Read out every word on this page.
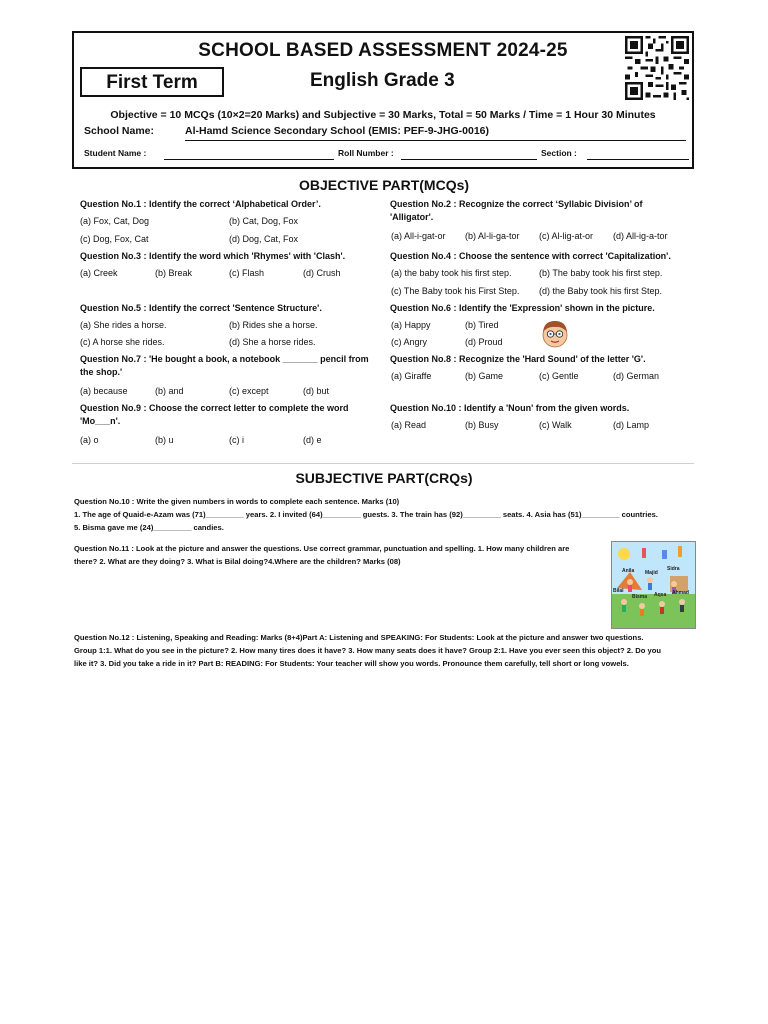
SCHOOL BASED ASSESSMENT 2024-25
First Term	English Grade 3
Objective = 10 MCQs (10×2=20 Marks) and Subjective = 30 Marks, Total = 50 Marks / Time = 1 Hour 30 Minutes
School Name:	Al-Hamd Science Secondary School (EMIS: PEF-9-JHG-0016)
Student Name :	Roll Number :	Section :
OBJECTIVE PART(MCQs)
Question No.1 : Identify the correct ‘Alphabetical Order’.
(a) Fox, Cat, Dog	(b) Cat, Dog, Fox
(c) Dog, Fox, Cat	(d) Dog, Cat, Fox
Question No.2 : Recognize the correct ‘Syllabic Division’ of 'Alligator'.
(a) All-i-gat-or (b) Al-li-ga-tor (c) Al-lig-at-or (d) All-ig-a-tor
Question No.3 : Identify the word which 'Rhymes' with 'Clash'.
(a) Creek	(b) Break	(c) Flash	(d) Crush
Question No.4 : Choose the sentence with correct 'Capitalization'.
(a) the baby took his first step.	(b) The baby took his first step.
(c) The Baby took his First Step. (d) the Baby took his first Step.
Question No.5 : Identify the correct 'Sentence Structure'.
(a) She rides a horse.	(b) Rides she a horse.
(c) A horse she rides.	(d) She a horse rides.
Question No.6 : Identify the 'Expression' shown in the picture.
(a) Happy	(b) Tired
(c) Angry	(d) Proud
Question No.7 : 'He bought a book, a notebook _______ pencil from the shop.'
(a) because	(b) and	(c) except	(d) but
Question No.8 : Recognize the 'Hard Sound' of the letter 'G'.
(a) Giraffe	(b) Game	(c) Gentle	(d) German
Question No.9 : Choose the correct letter to complete the word 'Mo___n'.
(a) o	(b) u	(c) i	(d) e
Question No.10 : Identify a 'Noun' from the given words.
(a) Read	(b) Busy	(c) Walk	(d) Lamp
SUBJECTIVE PART(CRQs)
Question No.10 : Write the given numbers in words to complete each sentence. Marks (10)
1. The age of Quaid-e-Azam was (71)_________ years. 2. I invited (64)_________ guests. 3. The train has (92)_________ seats. 4. Asia has (51)_________ countries.
5. Bisma gave me (24)_________ candies.
Question No.11 : Look at the picture and answer the questions. Use correct grammar, punctuation and spelling. 1. How many children are
there? 2. What are they doing? 3. What is Bilal doing?4.Where are the children? Marks (08)
Anila Majid
Sidra
Bilal
Bisma Aqsa Ahmad
Question No.12 : Listening, Speaking and Reading: Marks (8+4)Part A: Listening and SPEAKING: For Students: Look at the picture and answer two questions.
Group 1:1. What do you see in the picture? 2. How many tires does it have? 3. How many seats does it have? Group 2:1. Have you ever seen this object? 2. Do you
like it? 3. Did you take a ride in it? Part B: READING: For Students: Your teacher will show you words. Pronounce them carefully, tell short or long vowels.
